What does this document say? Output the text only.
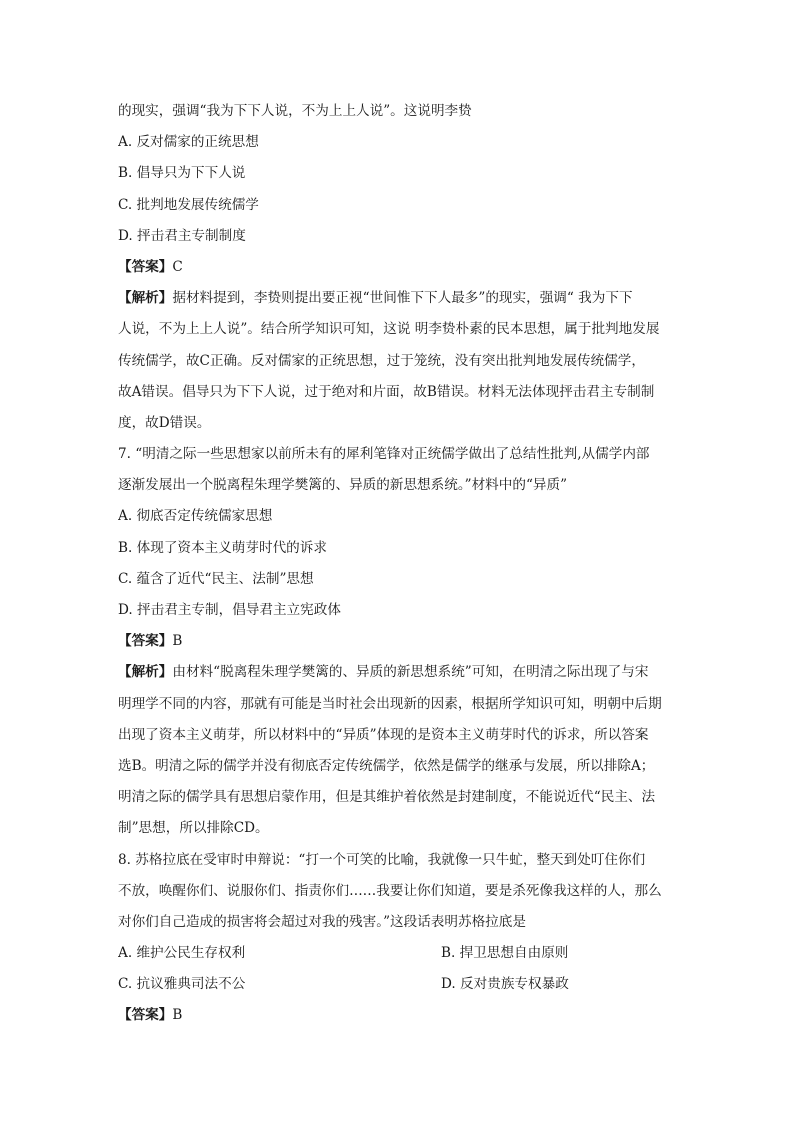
的现实，强调“我为下下人说，不为上上人说”。这说明李贽
A. 反对儒家的正统思想
B. 倡导只为下下人说
C. 批判地发展传统儒学
D. 抨击君主专制制度
【答案】C
【解析】据材料提到，李贽则提出要正视“世间惟下下人最多”的现实，强调“ 我为下下
人说，不为上上人说”。结合所学知识可知，这说 明李贽朴素的民本思想，属于批判地发展
传统儒学，故C正确。反对儒家的正统思想，过于笼统，没有突出批判地发展传统儒学，
故A错误。倡导只为下下人说，过于绝对和片面，故B错误。材料无法体现抨击君主专制制
度，故D错误。
7. “明清之际一些思想家以前所未有的犀利笔锋对正统儒学做出了总结性批判,从儒学内部
逐渐发展出一个脱离程朱理学樊篱的、异质的新思想系统。”材料中的“异质”
A. 彻底否定传统儒家思想
B. 体现了资本主义萌芽时代的诉求
C. 蕴含了近代“民主、法制”思想
D. 抨击君主专制，倡导君主立宪政体
【答案】B
【解析】由材料“脱离程朱理学樊篱的、异质的新思想系统”可知，在明清之际出现了与宋
明理学不同的内容，那就有可能是当时社会出现新的因素，根据所学知识可知，明朝中后期
出现了资本主义萌芽，所以材料中的“异质”体现的是资本主义萌芽时代的诉求，所以答案
选B。明清之际的儒学并没有彻底否定传统儒学，依然是儒学的继承与发展，所以排除A；
明清之际的儒学具有思想启蒙作用，但是其维护着依然是封建制度，不能说近代“民主、法
制”思想，所以排除CD。
8. 苏格拉底在受审时申辩说：“打一个可笑的比喻，我就像一只牛虻，整天到处叮住你们
不放，唤醒你们、说服你们、指责你们……我要让你们知道，要是杀死像我这样的人，那么
对你们自己造成的损害将会超过对我的残害。”这段话表明苏格拉底是
A. 维护公民生存权利	B. 捍卫思想自由原则
C. 抗议雅典司法不公	D. 反对贵族专权暴政
【答案】B
